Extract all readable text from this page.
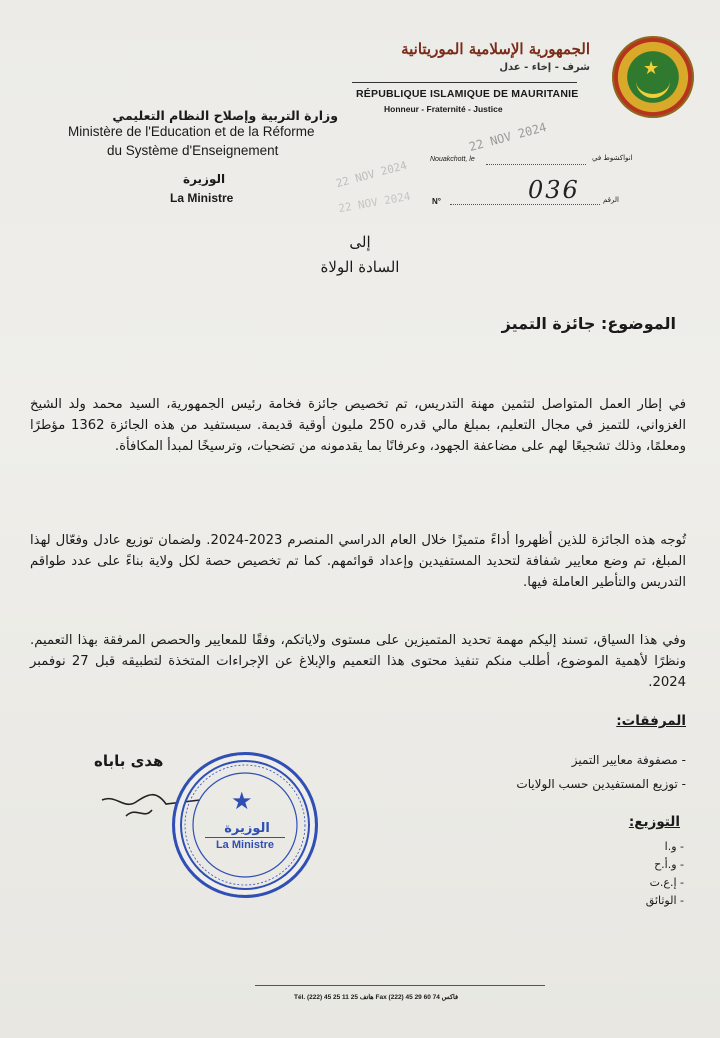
★
الجمهورية الإسلامية الموريتانية
شرف - إخاء - عدل
RÉPUBLIQUE ISLAMIQUE DE MAURITANIE
Honneur - Fraternité - Justice
وزارة التربية وإصلاح النظام التعليمي
Ministère de l'Education et de la Réforme
du Système d'Enseignement
الوزيرة
La Ministre
Nouakchott, le	انواكشوط في
N°	الرقم
036
22 NOV 2024
22 NOV 2024
22 NOV 2024
إلى
السادة الولاة
الموضوع: جائزة التميز
في إطار العمل المتواصل لتثمين مهنة التدريس، تم تخصيص جائزة فخامة رئيس الجمهورية، السيد محمد ولد الشيخ الغزواني، للتميز في مجال التعليم، بمبلغ مالي قدره 250 مليون أوقية قديمة. سيستفيد من هذه الجائزة 1362 مؤطرًا ومعلمًا، وذلك تشجيعًا لهم على مضاعفة الجهود، وعرفانًا بما يقدمونه من تضحيات، وترسيخًا لمبدأ المكافأة.
تُوجه هذه الجائزة للذين أظهروا أداءً متميزًا خلال العام الدراسي المنصرم 2023-2024. ولضمان توزيع عادل وفعّال لهذا المبلغ، تم وضع معايير شفافة لتحديد المستفيدين وإعداد قوائمهم. كما تم تخصيص حصة لكل ولاية بناءً على عدد طواقم التدريس والتأطير العاملة فيها.
وفي هذا السياق، تسند إليكم مهمة تحديد المتميزين على مستوى ولاياتكم، وفقًا للمعايير والحصص المرفقة بهذا التعميم. ونظرًا لأهمية الموضوع، أطلب منكم تنفيذ محتوى هذا التعميم والإبلاغ عن الإجراءات المتخذة لتطبيقه قبل 27 نوفمبر 2024.
المرفقات:
- مصفوفة معايير التميز
- توزيع المستفيدين حسب الولايات
التوزيع:
- و.ا
- و.أ.ح
- إ.ع.ت
- الوثائق
هدى باباه
★
الوزيرة
La Ministre
Tél. (222) 45 25 11 25 هاتف Fax (222) 45 29 60 74 فاكس
